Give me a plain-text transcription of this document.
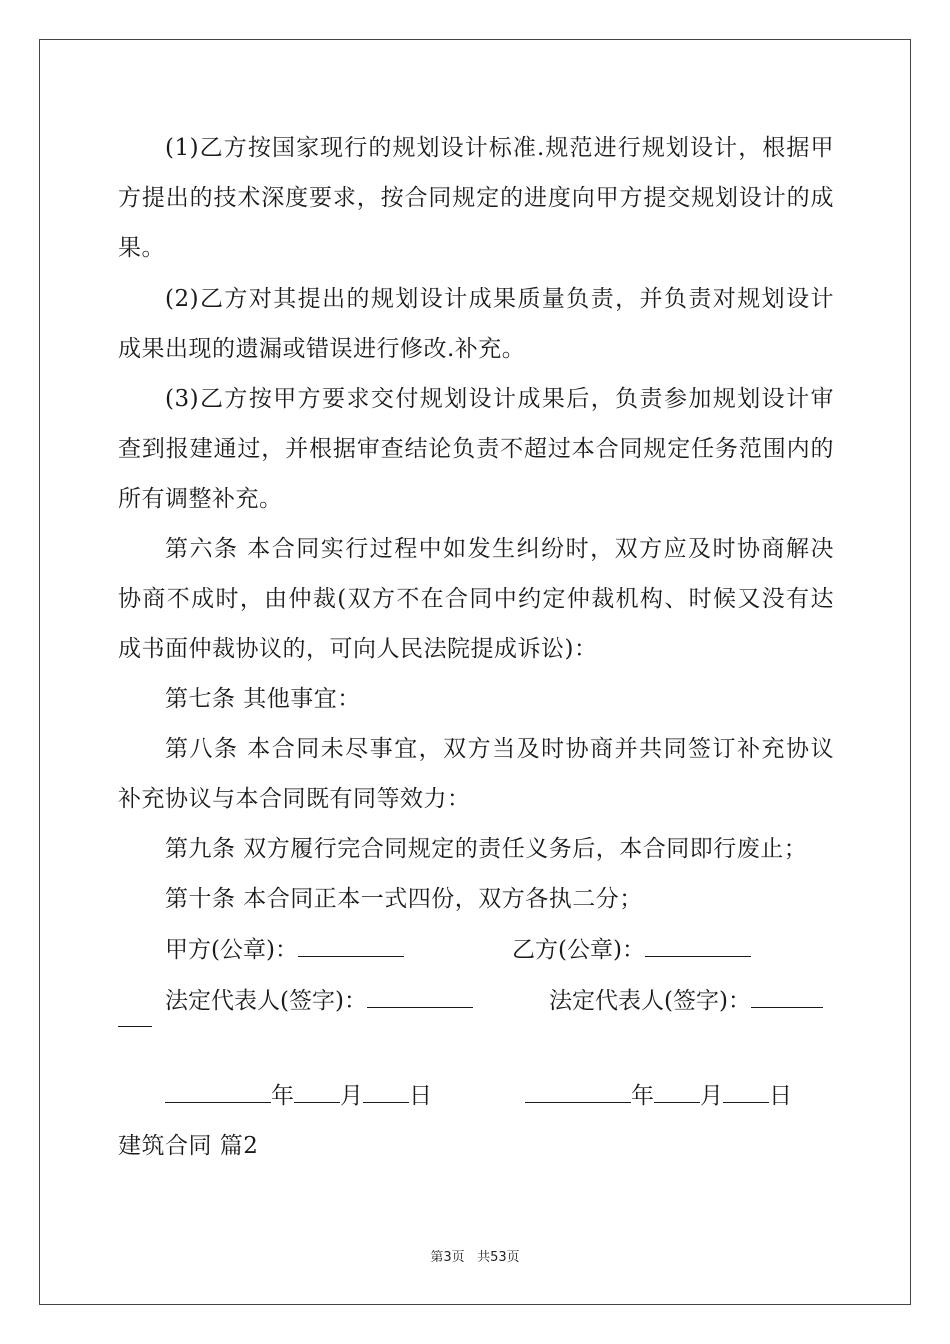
(1)乙方按国家现行的规划设计标准.规范进行规划设计，根据甲
方提出的技术深度要求，按合同规定的进度向甲方提交规划设计的成
果。
(2)乙方对其提出的规划设计成果质量负责，并负责对规划设计
成果出现的遗漏或错误进行修改.补充。
(3)乙方按甲方要求交付规划设计成果后，负责参加规划设计审
查到报建通过，并根据审查结论负责不超过本合同规定任务范围内的
所有调整补充。
第六条 本合同实行过程中如发生纠纷时，双方应及时协商解决
协商不成时，由仲裁(双方不在合同中约定仲裁机构、时候又没有达
成书面仲裁协议的，可向人民法院提成诉讼)：
第七条 其他事宜：
第八条 本合同未尽事宜，双方当及时协商并共同签订补充协议
补充协议与本合同既有同等效力：
第九条 双方履行完合同规定的责任义务后，本合同即行废止；
第十条 本合同正本一式四份，双方各执二分；
甲方(公章)：	乙方(公章)：
法定代表人(签字)：	法定代表人(签字)：
年 月 日	年 月 日
建筑合同 篇2
第3页 共53页
